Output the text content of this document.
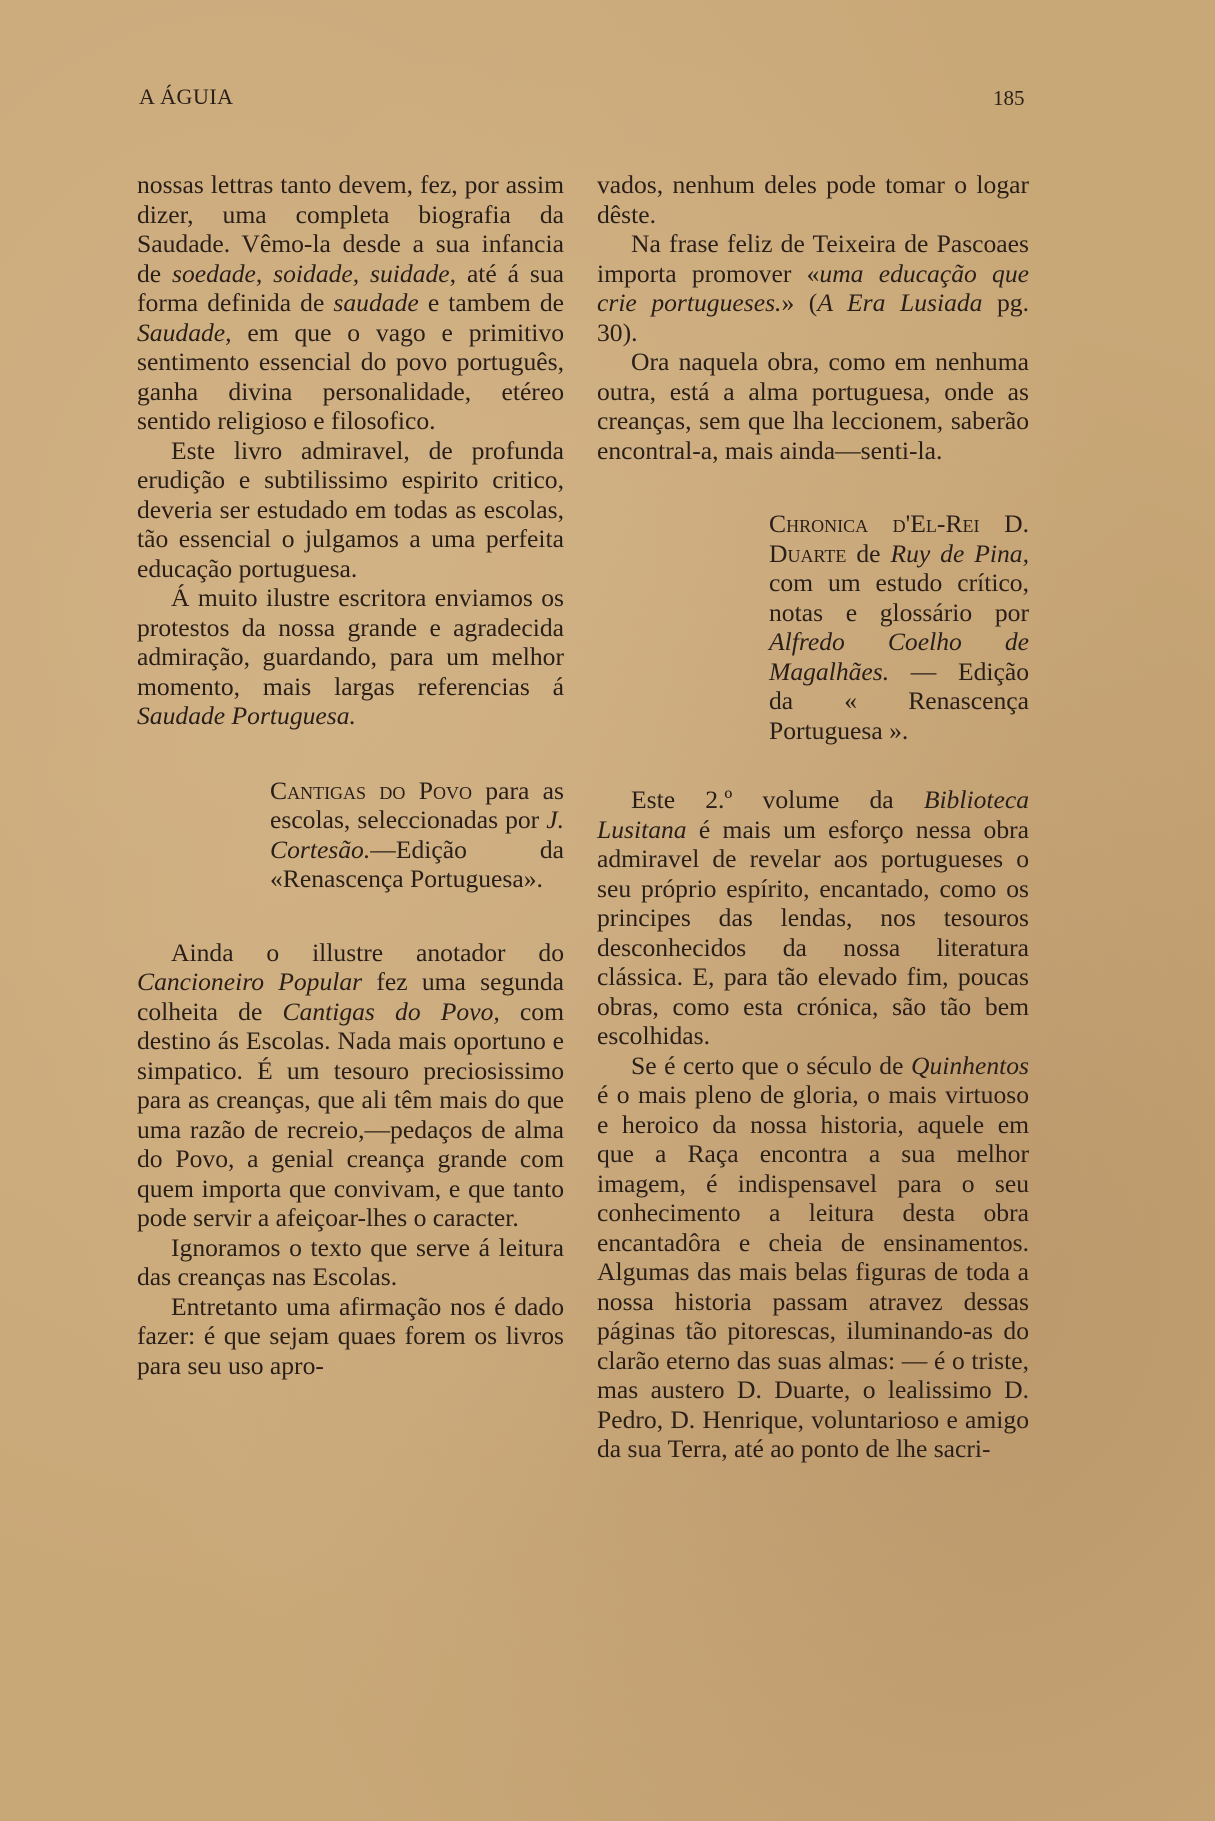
A ÁGUIA	185

nossas lettras tanto devem, fez, por assim dizer, uma completa biografia da Saudade. Vêmo-la desde a sua infancia de soedade, soidade, suidade, até á sua forma definida de saudade e tambem de Saudade, em que o vago e primitivo sentimento essencial do povo português, ganha divina personalidade, etéreo sentido religioso e filosofico.

Este livro admiravel, de profunda erudição e subtilissimo espirito critico, deveria ser estudado em todas as escolas, tão essencial o julgamos a uma perfeita educação portuguesa.

Á muito ilustre escritora enviamos os protestos da nossa grande e agradecida admiração, guardando, para um melhor momento, mais largas referencias á Saudade Portuguesa.

Cantigas do Povo para as escolas, seleccionadas por J. Cortesão.—Edição da «Renascença Portuguesa».

Ainda o illustre anotador do Cancioneiro Popular fez uma segunda colheita de Cantigas do Povo, com destino ás Escolas. Nada mais oportuno e simpatico. É um tesouro preciosissimo para as creanças, que ali têm mais do que uma razão de recreio,—pedaços de alma do Povo, a genial creança grande com quem importa que convivam, e que tanto pode servir a afeiçoar-lhes o caracter.

Ignoramos o texto que serve á leitura das creanças nas Escolas.

Entretanto uma afirmação nos é dado fazer: é que sejam quaes forem os livros para seu uso apro-

vados, nenhum deles pode tomar o logar dêste.

Na frase feliz de Teixeira de Pascoaes importa promover «uma educação que crie portugueses.» (A Era Lusiada pg. 30).

Ora naquela obra, como em nenhuma outra, está a alma portuguesa, onde as creanças, sem que lha leccionem, saberão encontral-a, mais ainda—senti-la.

Chronica d'El-Rei D. Duarte de Ruy de Pina, com um estudo crítico, notas e glossário por Alfredo Coelho de Magalhães. — Edição da « Renascença Portuguesa ».

Este 2.º volume da Biblioteca Lusitana é mais um esforço nessa obra admiravel de revelar aos portugueses o seu próprio espírito, encantado, como os principes das lendas, nos tesouros desconhecidos da nossa literatura clássica. E, para tão elevado fim, poucas obras, como esta crónica, são tão bem escolhidas.

Se é certo que o século de Quinhentos é o mais pleno de gloria, o mais virtuoso e heroico da nossa historia, aquele em que a Raça encontra a sua melhor imagem, é indispensavel para o seu conhecimento a leitura desta obra encantadôra e cheia de ensinamentos. Algumas das mais belas figuras de toda a nossa historia passam atravez dessas páginas tão pitorescas, iluminando-as do clarão eterno das suas almas: — é o triste, mas austero D. Duarte, o lealissimo D. Pedro, D. Henrique, voluntarioso e amigo da sua Terra, até ao ponto de lhe sacri-
